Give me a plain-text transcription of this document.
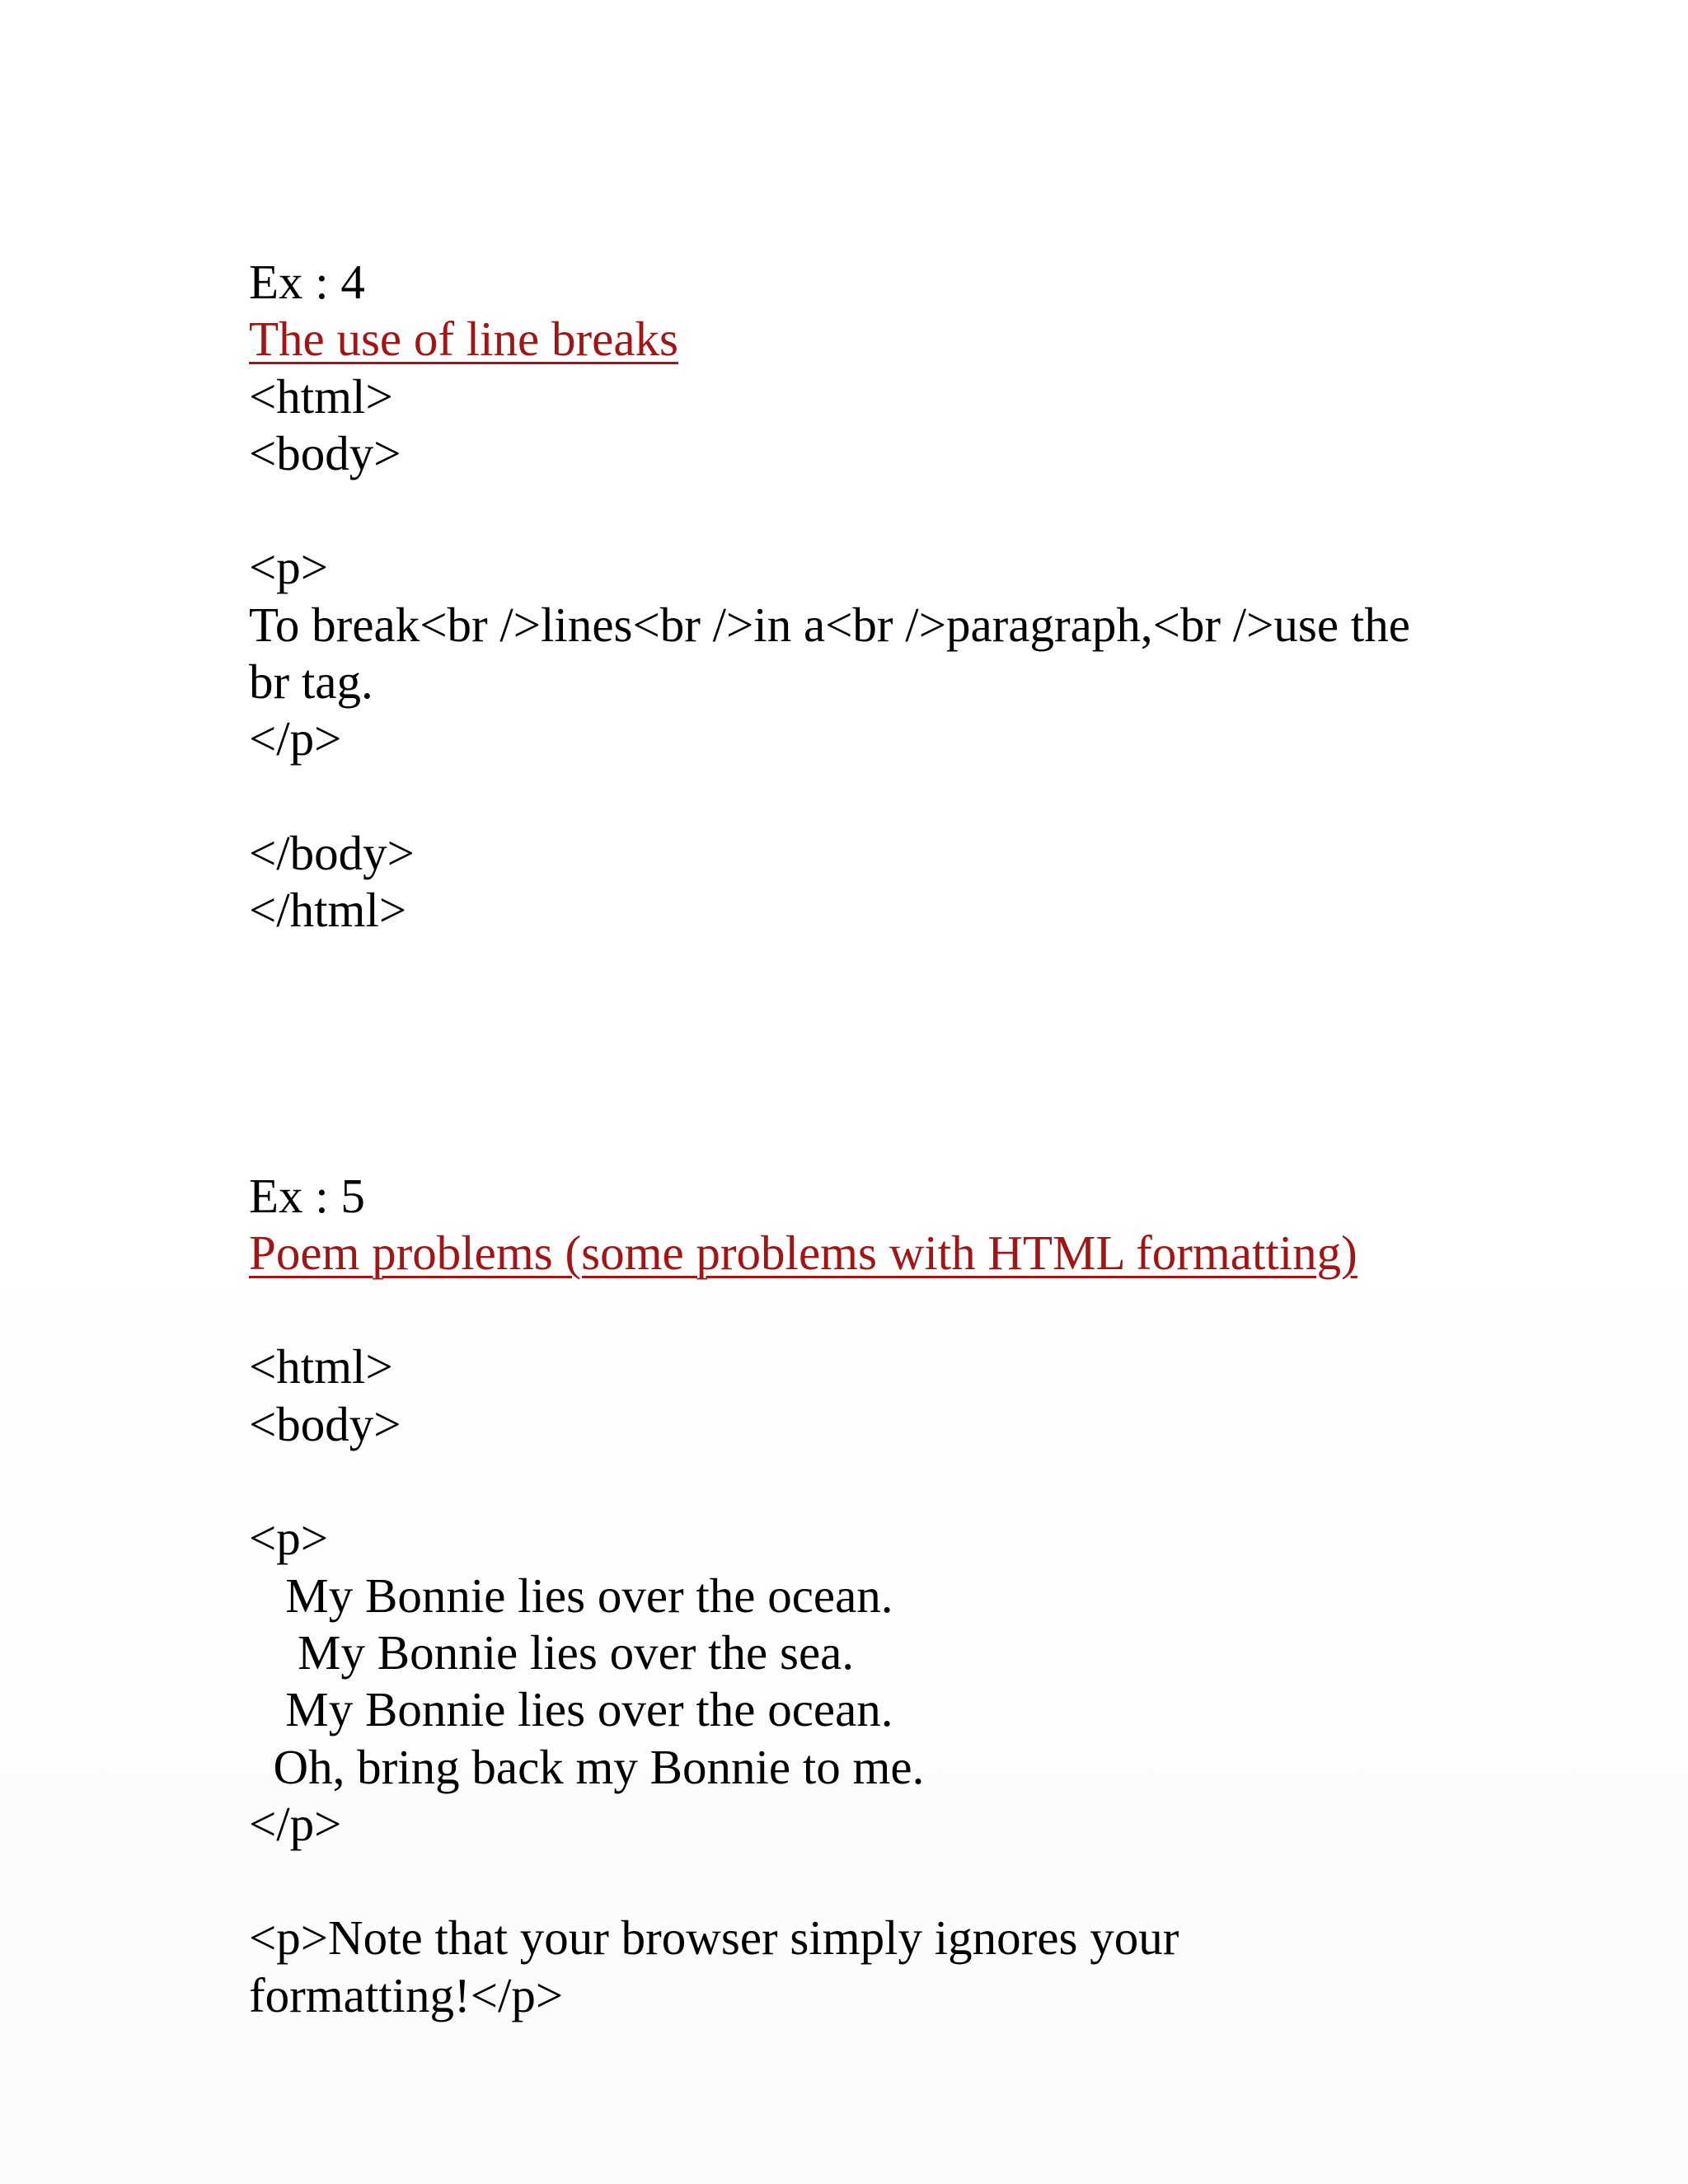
Ex : 4
The use of line breaks
<html>
<body>
<p>
To break<br />lines<br />in a<br />paragraph,<br />use the
br tag.
</p>
</body>
</html>
Ex : 5
Poem problems (some problems with HTML formatting)
<html>
<body>
<p>
My Bonnie lies over the ocean.
My Bonnie lies over the sea.
My Bonnie lies over the ocean.
Oh, bring back my Bonnie to me.
</p>
<p>Note that your browser simply ignores your
formatting!</p>
